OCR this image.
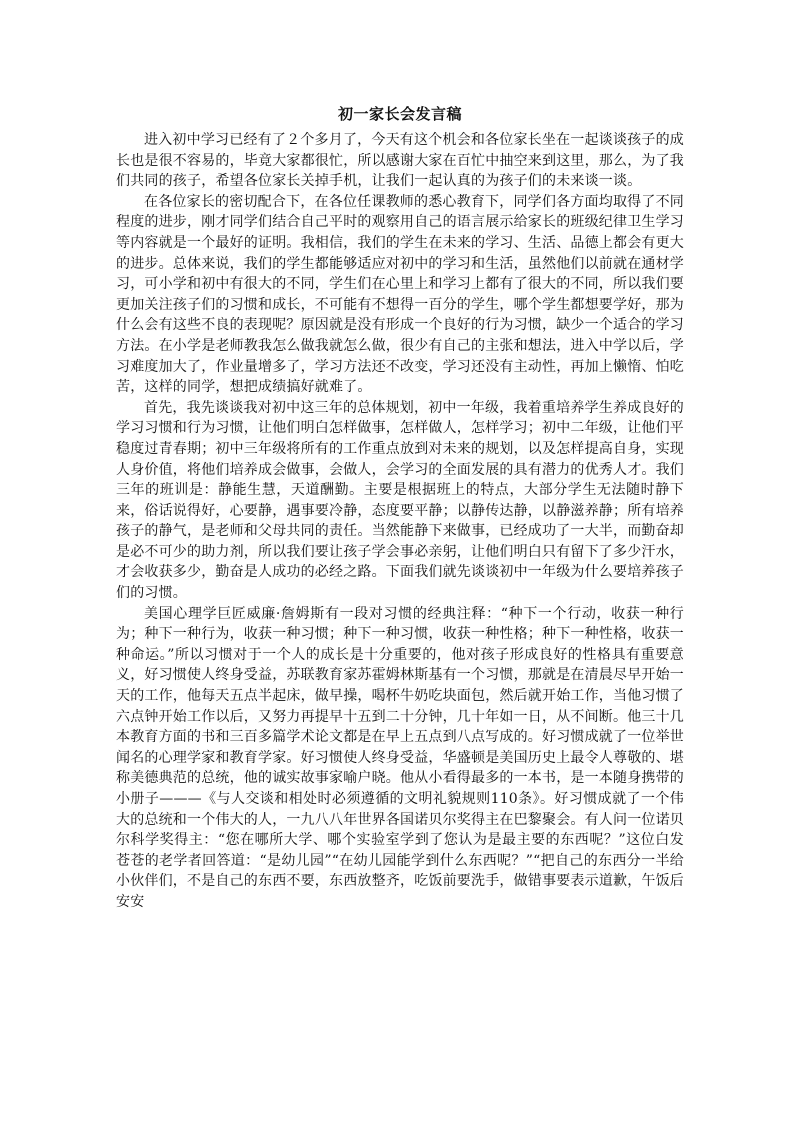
初一家长会发言稿

进入初中学习已经有了２个多月了，今天有这个机会和各位家长坐在一起谈谈孩子的成长也是很不容易的，毕竟大家都很忙，所以感谢大家在百忙中抽空来到这里，那么，为了我们共同的孩子，希望各位家长关掉手机，让我们一起认真的为孩子们的未来谈一谈。

在各位家长的密切配合下，在各位任课教师的悉心教育下，同学们各方面均取得了不同程度的进步，刚才同学们结合自己平时的观察用自己的语言展示给家长的班级纪律卫生学习等内容就是一个最好的证明。我相信，我们的学生在未来的学习、生活、品德上都会有更大的进步。总体来说，我们的学生都能够适应对初中的学习和生活，虽然他们以前就在通材学习，可小学和初中有很大的不同，学生们在心里上和学习上都有了很大的不同，所以我们要更加关注孩子们的习惯和成长，不可能有不想得一百分的学生，哪个学生都想要学好，那为什么会有这些不良的表现呢？原因就是没有形成一个良好的行为习惯，缺少一个适合的学习方法。在小学是老师教我怎么做我就怎么做，很少有自己的主张和想法，进入中学以后，学习难度加大了，作业量增多了，学习方法还不改变，学习还没有主动性，再加上懒惰、怕吃苦，这样的同学，想把成绩搞好就难了。

首先，我先谈谈我对初中这三年的总体规划，初中一年级，我着重培养学生养成良好的学习习惯和行为习惯，让他们明白怎样做事，怎样做人，怎样学习；初中二年级，让他们平稳度过青春期；初中三年级将所有的工作重点放到对未来的规划，以及怎样提高自身，实现人身价值，将他们培养成会做事，会做人，会学习的全面发展的具有潜力的优秀人才。我们三年的班训是：静能生慧，天道酬勤。主要是根据班上的特点，大部分学生无法随时静下来，俗话说得好，心要静，遇事要冷静，态度要平静；以静传达静，以静滋养静；所有培养孩子的静气，是老师和父母共同的责任。当然能静下来做事，已经成功了一大半，而勤奋却是必不可少的助力剂，所以我们要让孩子学会事必亲躬，让他们明白只有留下了多少汗水，才会收获多少，勤奋是人成功的必经之路。下面我们就先谈谈初中一年级为什么要培养孩子们的习惯。

美国心理学巨匠威廉·詹姆斯有一段对习惯的经典注释：“种下一个行动，收获一种行为；种下一种行为，收获一种习惯；种下一种习惯，收获一种性格；种下一种性格，收获一种命运。”所以习惯对于一个人的成长是十分重要的，他对孩子形成良好的性格具有重要意义，好习惯使人终身受益，苏联教育家苏霍姆林斯基有一个习惯，那就是在清晨尽早开始一天的工作，他每天五点半起床，做早操，喝杯牛奶吃块面包，然后就开始工作，当他习惯了六点钟开始工作以后，又努力再提早十五到二十分钟，几十年如一日，从不间断。他三十几本教育方面的书和三百多篇学术论文都是在早上五点到八点写成的。好习惯成就了一位举世闻名的心理学家和教育学家。好习惯使人终身受益，华盛顿是美国历史上最令人尊敬的、堪称美德典范的总统，他的诚实故事家喻户晓。他从小看得最多的一本书，是一本随身携带的小册子———《与人交谈和相处时必须遵循的文明礼貌规则110条》。好习惯成就了一个伟大的总统和一个伟大的人，一九八八年世界各国诺贝尔奖得主在巴黎聚会。有人问一位诺贝尔科学奖得主：“您在哪所大学、哪个实验室学到了您认为是最主要的东西呢？”这位白发苍苍的老学者回答道：“是幼儿园”“在幼儿园能学到什么东西呢？”“把自己的东西分一半给小伙伴们，不是自己的东西不要，东西放整齐，吃饭前要洗手，做错事要表示道歉，午饭后安安
